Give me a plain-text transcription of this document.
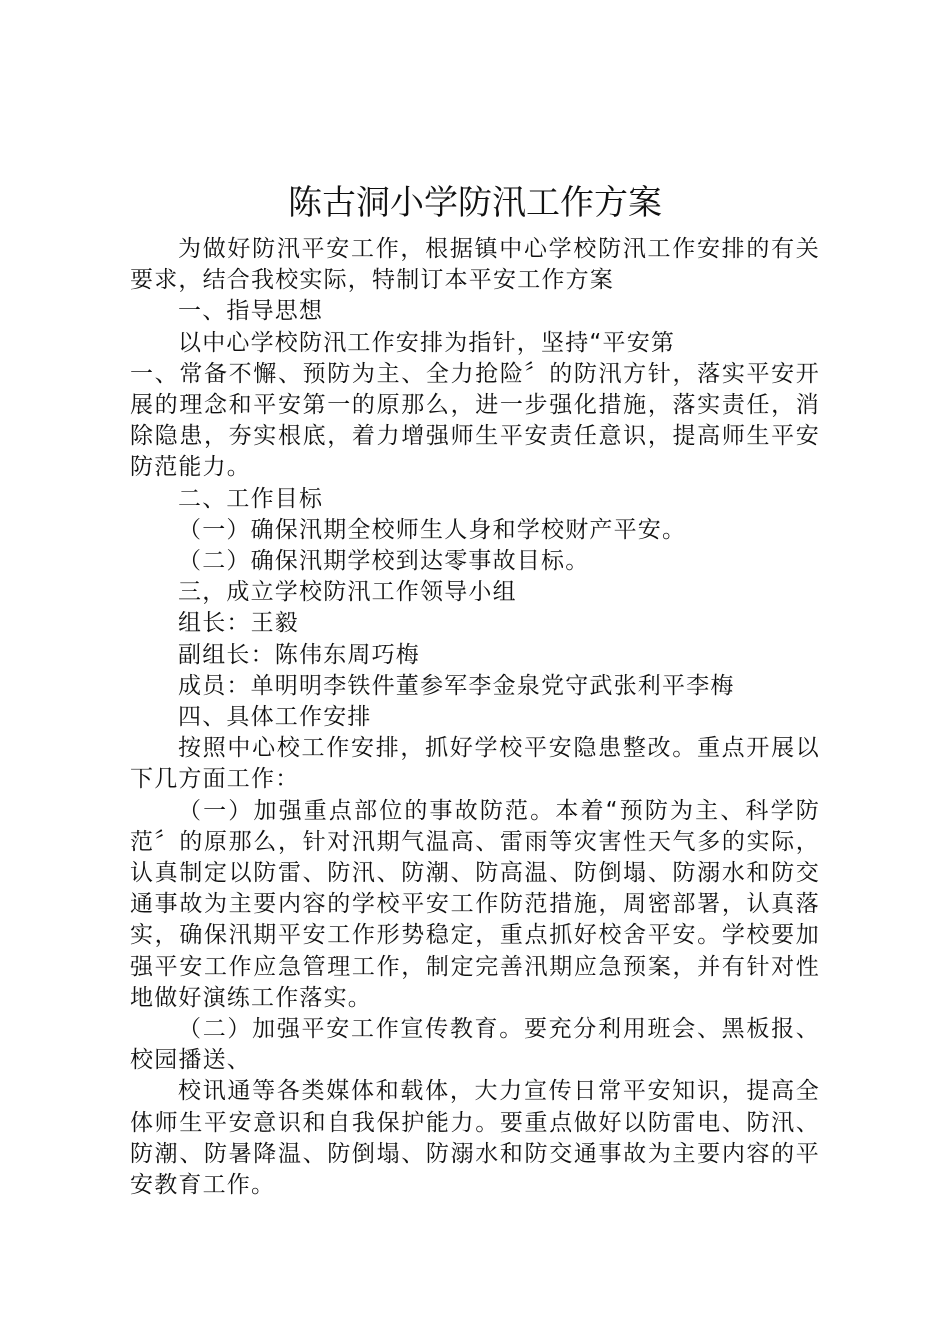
陈古洞小学防汛工作方案

为做好防汛平安工作，根据镇中心学校防汛工作安排的有关要求，结合我校实际，特制订本平安工作方案

一、指导思想

以中心学校防汛工作安排为指针，坚持“平安第

一、常备不懈、预防为主、全力抢险〞的防汛方针，落实平安开展的理念和平安第一的原那么，进一步强化措施，落实责任，消除隐患，夯实根底，着力增强师生平安责任意识，提高师生平安防范能力。

二、工作目标

（一）确保汛期全校师生人身和学校财产平安。

（二）确保汛期学校到达零事故目标。

三，成立学校防汛工作领导小组

组长：王毅

副组长：陈伟东周巧梅

成员：单明明李铁件董参军李金泉党守武张利平李梅

四、具体工作安排

按照中心校工作安排，抓好学校平安隐患整改。重点开展以下几方面工作：

（一）加强重点部位的事故防范。本着“预防为主、科学防范〞的原那么，针对汛期气温高、雷雨等灾害性天气多的实际，认真制定以防雷、防汛、防潮、防高温、防倒塌、防溺水和防交通事故为主要内容的学校平安工作防范措施，周密部署，认真落实，确保汛期平安工作形势稳定，重点抓好校舍平安。学校要加强平安工作应急管理工作，制定完善汛期应急预案，并有针对性地做好演练工作落实。

（二）加强平安工作宣传教育。要充分利用班会、黑板报、校园播送、

校讯通等各类媒体和载体，大力宣传日常平安知识，提高全体师生平安意识和自我保护能力。要重点做好以防雷电、防汛、防潮、防暑降温、防倒塌、防溺水和防交通事故为主要内容的平安教育工作。
